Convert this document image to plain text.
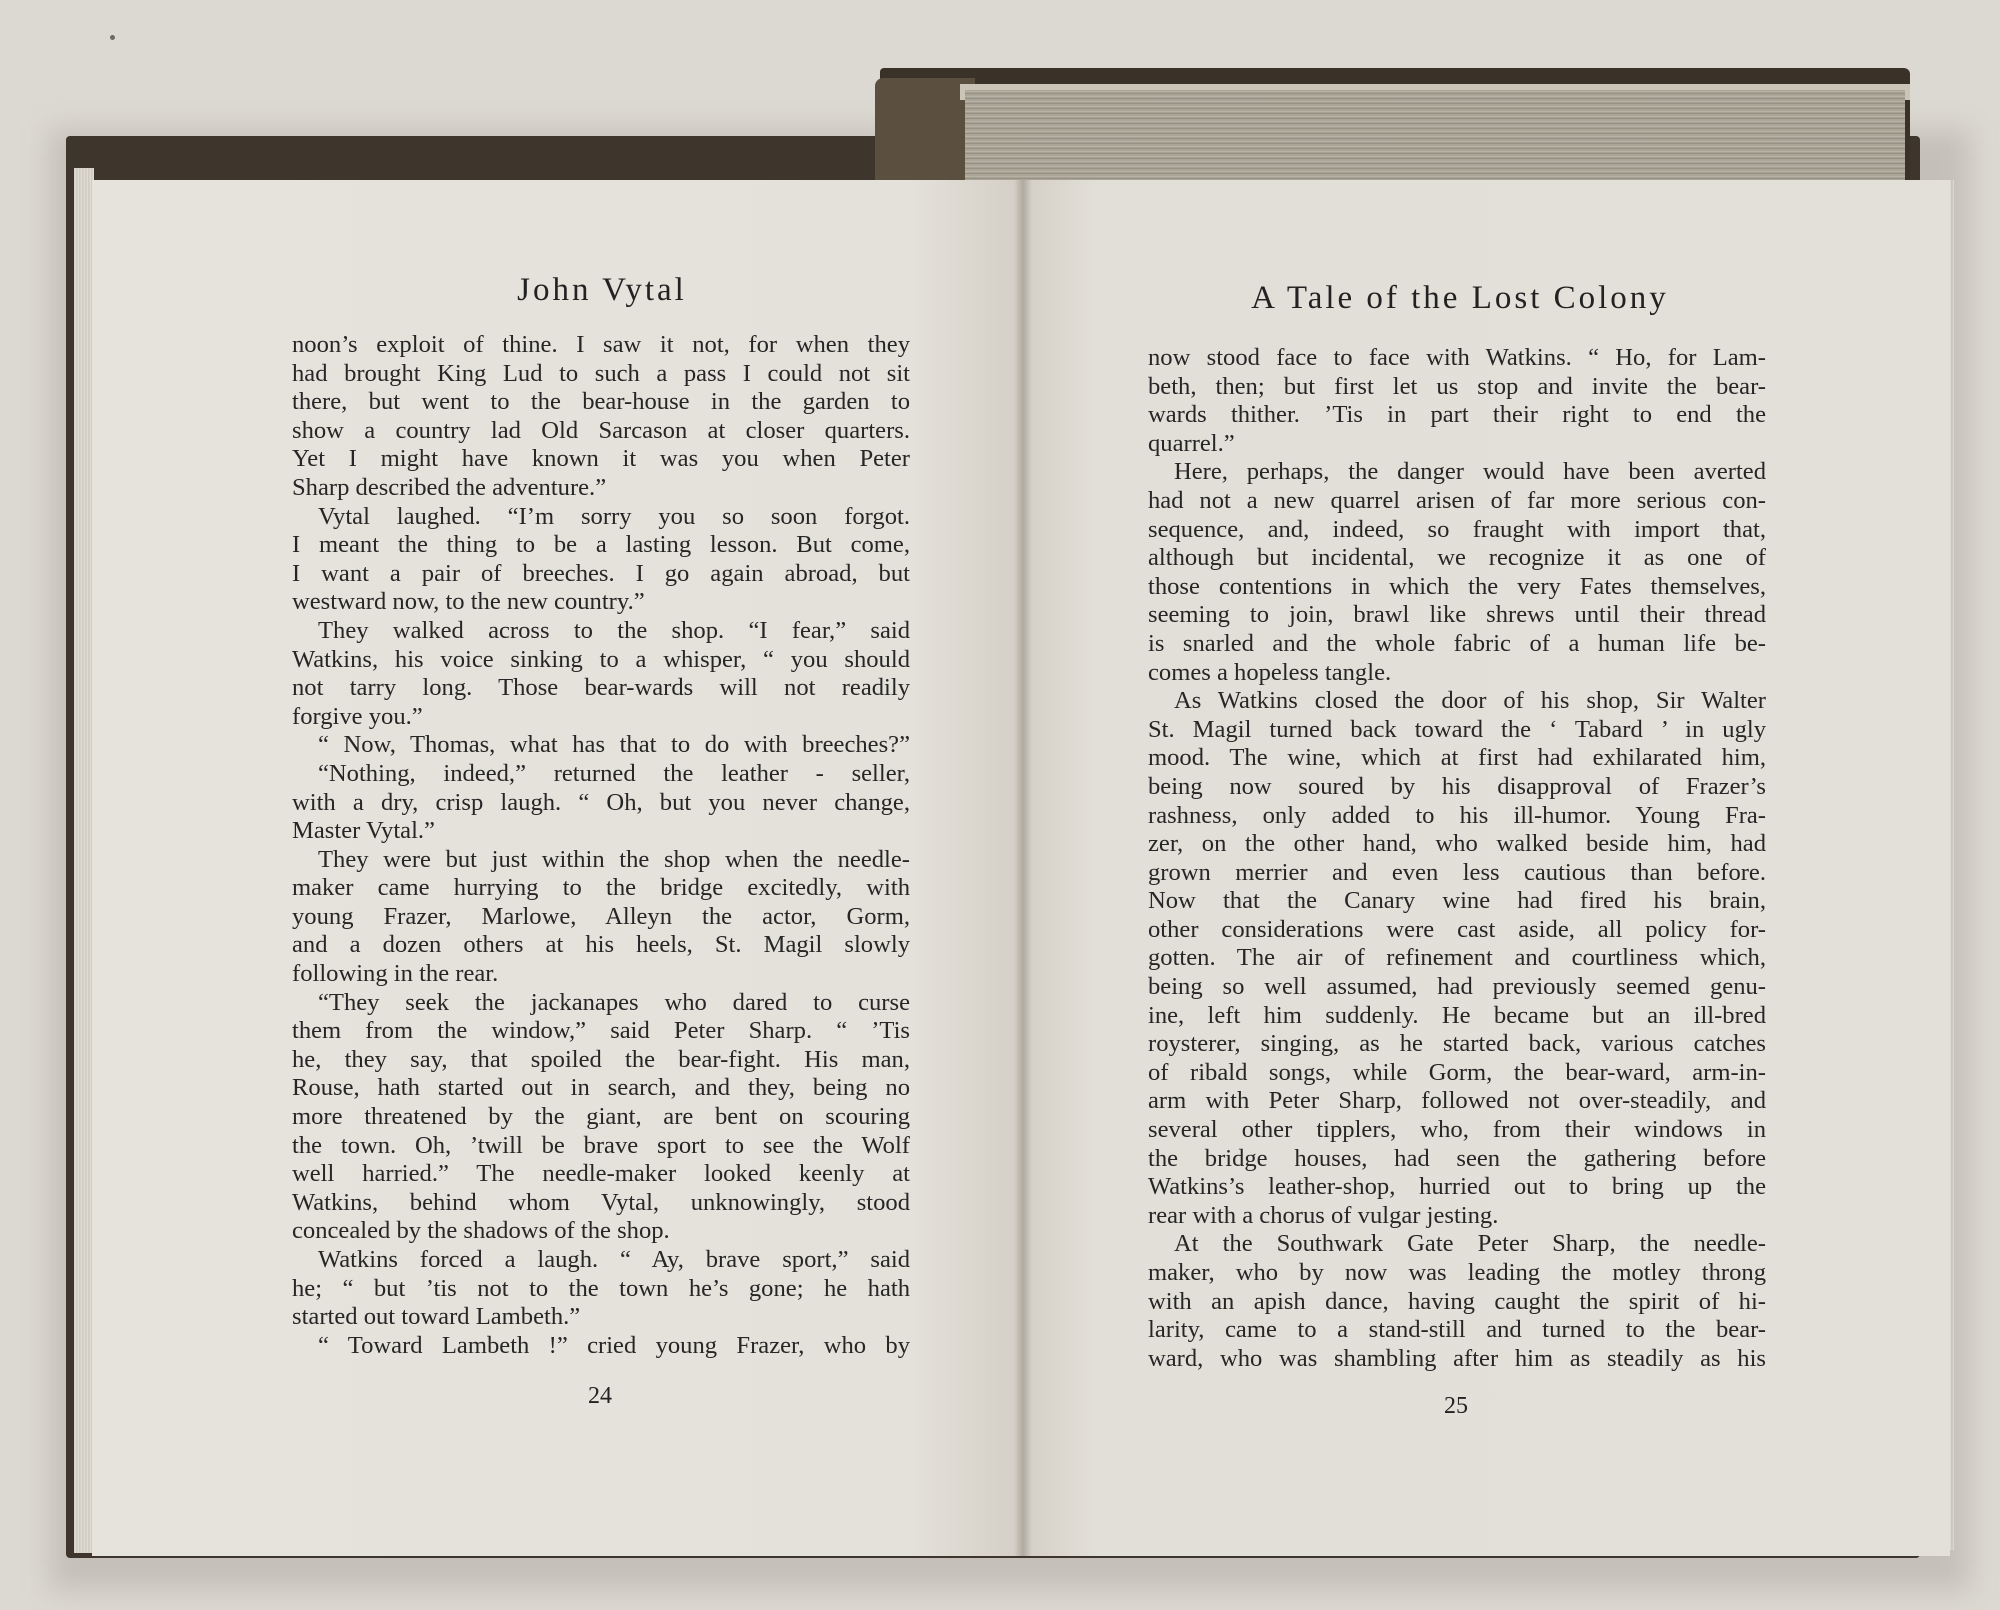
John Vytal	A Tale of the Lost Colony
noon’s exploit of thine. I saw it not, for when they
had brought King Lud to such a pass I could not sit
there, but went to the bear-house in the garden to
show a country lad Old Sarcason at closer quarters.
Yet I might have known it was you when Peter
Sharp described the adventure.”
Vytal laughed. “I’m sorry you so soon forgot.
I meant the thing to be a lasting lesson. But come,
I want a pair of breeches. I go again abroad, but
westward now, to the new country.”
They walked across to the shop. “I fear,” said
Watkins, his voice sinking to a whisper, “ you should
not tarry long. Those bear-wards will not readily
forgive you.”
“ Now, Thomas, what has that to do with breeches?”
“Nothing, indeed,” returned the leather - seller,
with a dry, crisp laugh. “ Oh, but you never change,
Master Vytal.”
They were but just within the shop when the needle-
maker came hurrying to the bridge excitedly, with
young Frazer, Marlowe, Alleyn the actor, Gorm,
and a dozen others at his heels, St. Magil slowly
following in the rear.
“They seek the jackanapes who dared to curse
them from the window,” said Peter Sharp. “ ’Tis
he, they say, that spoiled the bear-fight. His man,
Rouse, hath started out in search, and they, being no
more threatened by the giant, are bent on scouring
the town. Oh, ’twill be brave sport to see the Wolf
well harried.” The needle-maker looked keenly at
Watkins, behind whom Vytal, unknowingly, stood
concealed by the shadows of the shop.
Watkins forced a laugh. “ Ay, brave sport,” said
he; “ but ’tis not to the town he’s gone; he hath
started out toward Lambeth.”
“ Toward Lambeth !” cried young Frazer, who by
now stood face to face with Watkins. “ Ho, for Lam-
beth, then; but first let us stop and invite the bear-
wards thither. ’Tis in part their right to end the
quarrel.”
Here, perhaps, the danger would have been averted
had not a new quarrel arisen of far more serious con-
sequence, and, indeed, so fraught with import that,
although but incidental, we recognize it as one of
those contentions in which the very Fates themselves,
seeming to join, brawl like shrews until their thread
is snarled and the whole fabric of a human life be-
comes a hopeless tangle.
As Watkins closed the door of his shop, Sir Walter
St. Magil turned back toward the ‘ Tabard ’ in ugly
mood. The wine, which at first had exhilarated him,
being now soured by his disapproval of Frazer’s
rashness, only added to his ill-humor. Young Fra-
zer, on the other hand, who walked beside him, had
grown merrier and even less cautious than before.
Now that the Canary wine had fired his brain,
other considerations were cast aside, all policy for-
gotten. The air of refinement and courtliness which,
being so well assumed, had previously seemed genu-
ine, left him suddenly. He became but an ill-bred
roysterer, singing, as he started back, various catches
of ribald songs, while Gorm, the bear-ward, arm-in-
arm with Peter Sharp, followed not over-steadily, and
several other tipplers, who, from their windows in
the bridge houses, had seen the gathering before
Watkins’s leather-shop, hurried out to bring up the
rear with a chorus of vulgar jesting.
At the Southwark Gate Peter Sharp, the needle-
maker, who by now was leading the motley throng
with an apish dance, having caught the spirit of hi-
larity, came to a stand-still and turned to the bear-
ward, who was shambling after him as steadily as his
24	25
